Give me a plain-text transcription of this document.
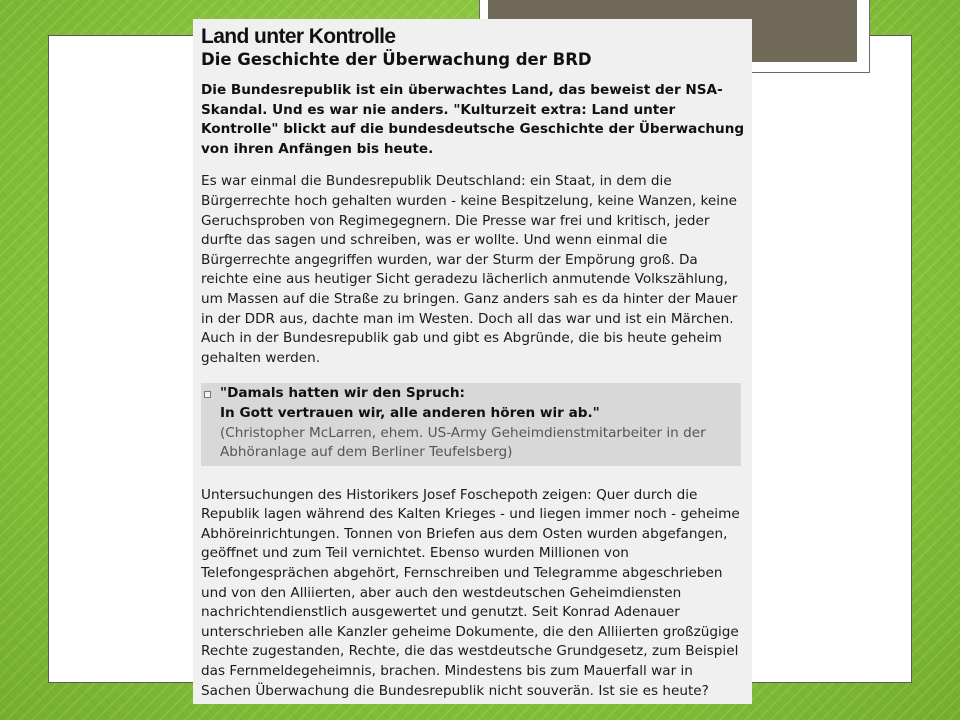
Land unter Kontrolle
Die Geschichte der Überwachung der BRD

Die Bundesrepublik ist ein überwachtes Land, das beweist der NSA-Skandal. Und es war nie anders. "Kulturzeit extra: Land unter Kontrolle" blickt auf die bundesdeutsche Geschichte der Überwachung von ihren Anfängen bis heute.

Es war einmal die Bundesrepublik Deutschland: ein Staat, in dem die Bürgerrechte hoch gehalten wurden - keine Bespitzelung, keine Wanzen, keine Geruchsproben von Regimegegnern. Die Presse war frei und kritisch, jeder durfte das sagen und schreiben, was er wollte. Und wenn einmal die Bürgerrechte angegriffen wurden, war der Sturm der Empörung groß. Da reichte eine aus heutiger Sicht geradezu lächerlich anmutende Volkszählung, um Massen auf die Straße zu bringen. Ganz anders sah es da hinter der Mauer in der DDR aus, dachte man im Westen. Doch all das war und ist ein Märchen. Auch in der Bundesrepublik gab und gibt es Abgründe, die bis heute geheim gehalten werden.

"Damals hatten wir den Spruch:

In Gott vertrauen wir, alle anderen hören wir ab."

(Christopher McLarren, ehem. US-Army Geheimdienstmitarbeiter in der Abhöranlage auf dem Berliner Teufelsberg)

Untersuchungen des Historikers Josef Foschepoth zeigen: Quer durch die Republik lagen während des Kalten Krieges - und liegen immer noch - geheime Abhöreinrichtungen. Tonnen von Briefen aus dem Osten wurden abgefangen, geöffnet und zum Teil vernichtet. Ebenso wurden Millionen von Telefongesprächen abgehört, Fernschreiben und Telegramme abgeschrieben und von den Alliierten, aber auch den westdeutschen Geheimdiensten nachrichtendienstlich ausgewertet und genutzt. Seit Konrad Adenauer unterschrieben alle Kanzler geheime Dokumente, die den Alliierten großzügige Rechte zugestanden, Rechte, die das westdeutsche Grundgesetz, zum Beispiel das Fernmeldegeheimnis, brachen. Mindestens bis zum Mauerfall war in Sachen Überwachung die Bundesrepublik nicht souverän. Ist sie es heute?
